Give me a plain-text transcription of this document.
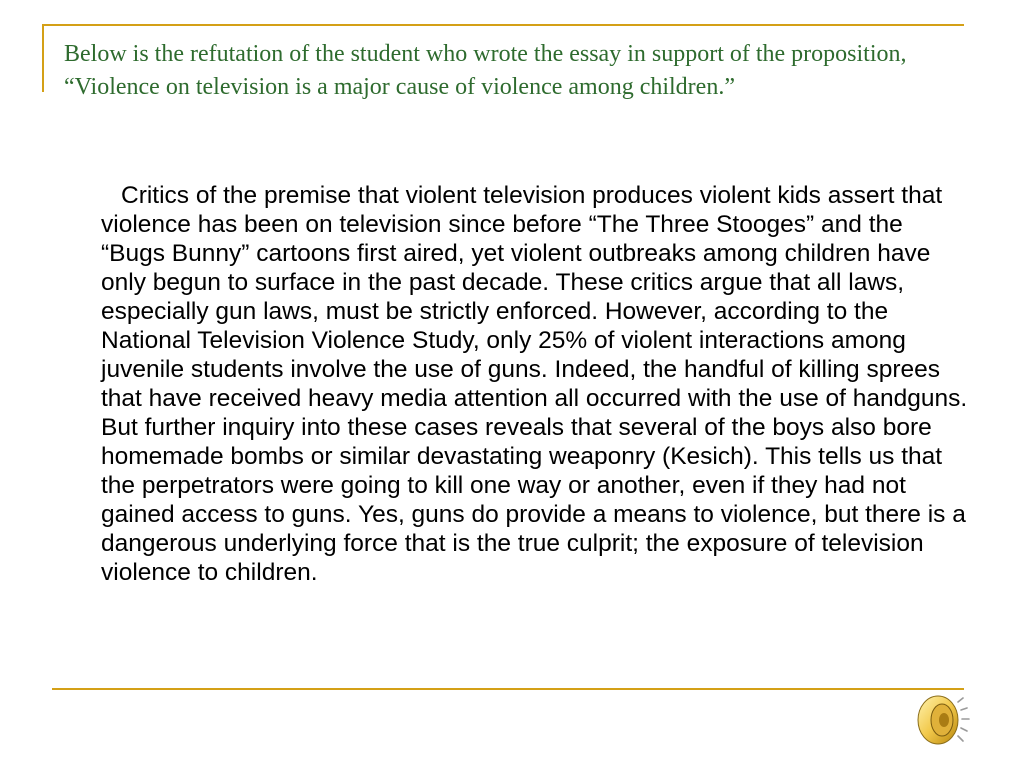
Below is the refutation of the student who wrote the essay in support of the proposition, “Violence on television is a major cause of violence among children.”

Critics of the premise that violent television produces violent kids assert that violence has been on television since before “The Three Stooges” and the “Bugs Bunny” cartoons first aired, yet violent outbreaks among children have only begun to surface in the past decade. These critics argue that all laws, especially gun laws, must be strictly enforced. However, according to the National Television Violence Study, only 25% of violent interactions among juvenile students involve the use of guns. Indeed, the handful of killing sprees that have received heavy media attention all occurred with the use of handguns. But further inquiry into these cases reveals that several of the boys also bore homemade bombs or similar devastating weaponry (Kesich). This tells us that the perpetrators were going to kill one way or another, even if they had not gained access to guns. Yes, guns do provide a means to violence, but there is a dangerous underlying force that is the true culprit; the exposure of television violence to children.
